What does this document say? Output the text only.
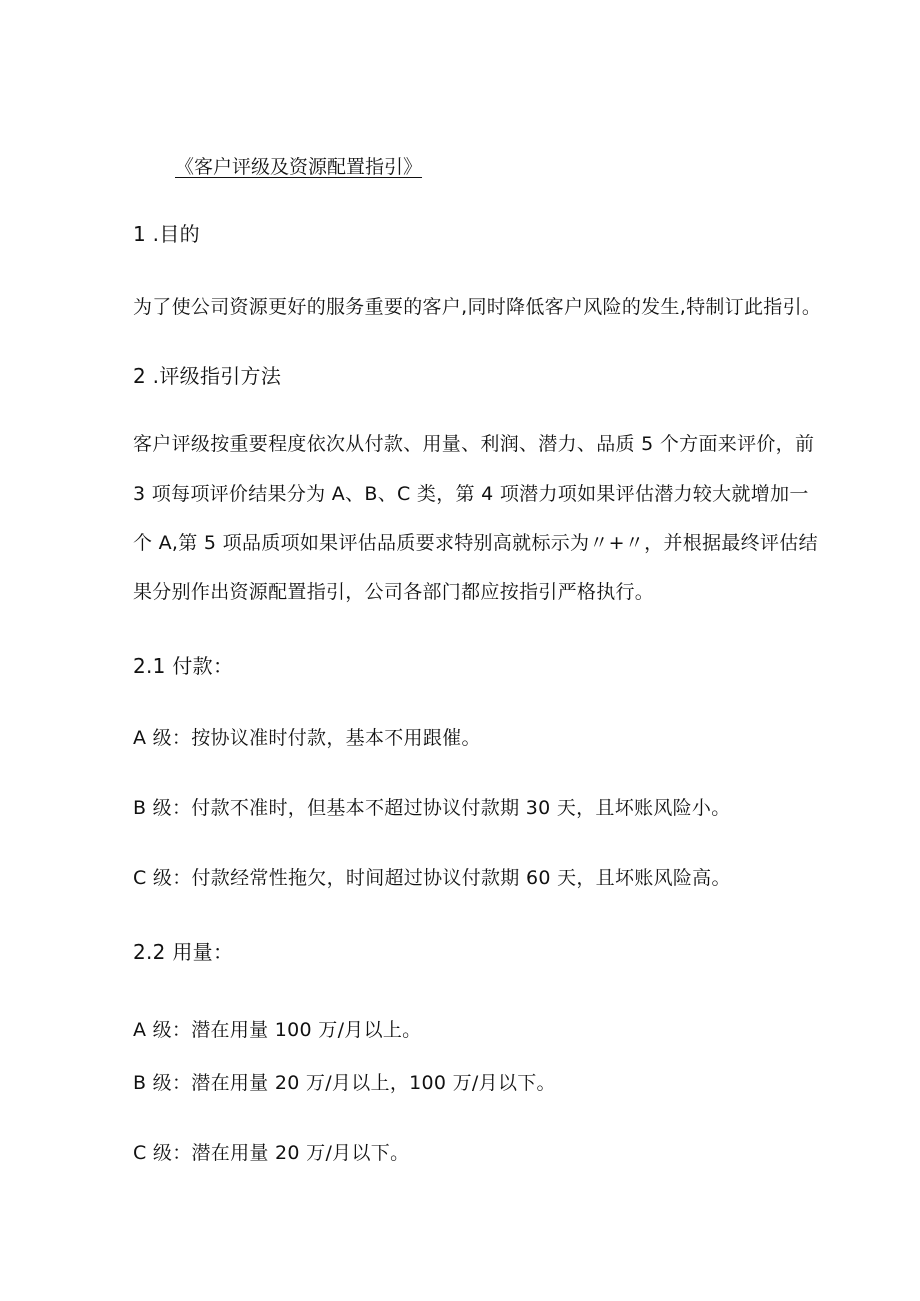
《客户评级及资源配置指引》
1 .目的
为了使公司资源更好的服务重要的客户,同时降低客户风险的发生,特制订此指引。
2 .评级指引方法
客户评级按重要程度依次从付款、用量、利润、潜力、品质 5 个方面来评价，前
3 项每项评价结果分为 A、B、C 类，第 4 项潜力项如果评估潜力较大就增加一
个 A,第 5 项品质项如果评估品质要求特别高就标示为〃+〃，并根据最终评估结
果分别作出资源配置指引，公司各部门都应按指引严格执行。
2.1 付款：
A 级：按协议准时付款，基本不用跟催。
B 级：付款不准时，但基本不超过协议付款期 30 天，且坏账风险小。
C 级：付款经常性拖欠，时间超过协议付款期 60 天，且坏账风险高。
2.2 用量：
A 级：潜在用量 100 万/月以上。
B 级：潜在用量 20 万/月以上，100 万/月以下。
C 级：潜在用量 20 万/月以下。
